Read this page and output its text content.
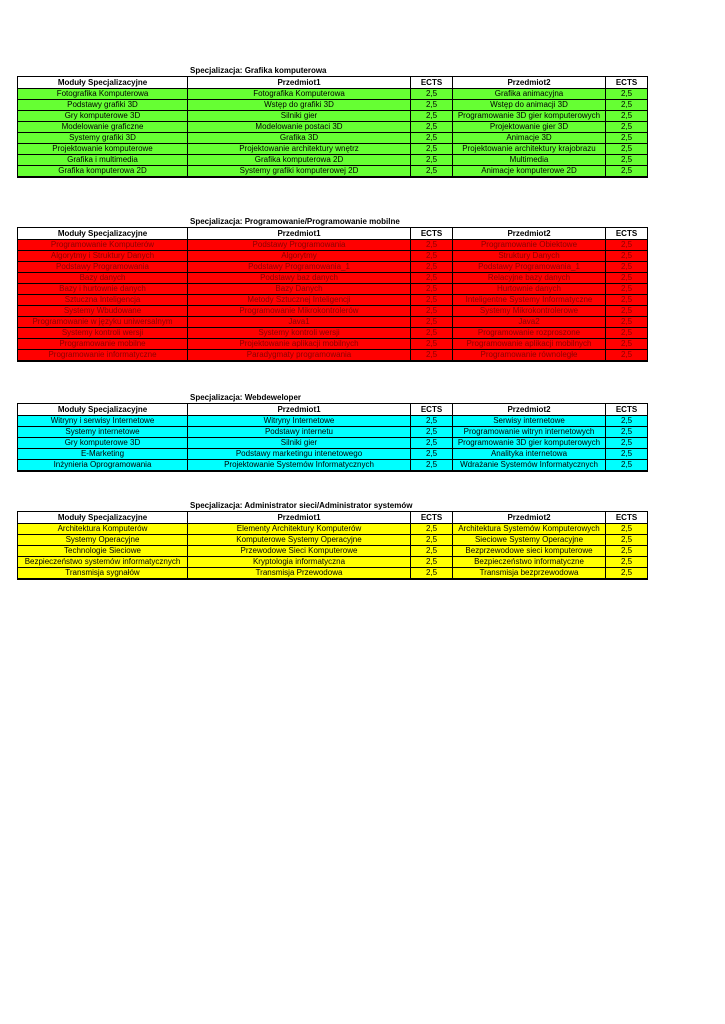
Specjalizacja: Grafika komputerowa
Moduły Specjalizacyjne	Przedmiot1	ECTS	Przedmiot2	ECTS
Fotografika Komputerowa	Fotografika Komputerowa	2,5	Grafika animacyjna	2,5
Podstawy grafiki 3D	Wstęp do grafiki 3D	2,5	Wstęp do animacji 3D	2,5
Gry komputerowe 3D	Silniki gier	2,5	Programowanie 3D gier komputerowych	2,5
Modelowanie graficzne	Modelowanie postaci 3D	2,5	Projektowanie gier 3D	2,5
Systemy grafiki 3D	Grafika 3D	2,5	Animacje 3D	2,5
Projektowanie komputerowe	Projektowanie architektury wnętrz	2,5	Projektowanie architektury krajobrazu	2,5
Grafika i multimedia	Grafika komputerowa 2D	2,5	Multimedia	2,5
Grafika komputerowa 2D	Systemy grafiki komputerowej 2D	2,5	Animacje komputerowe 2D	2,5
Specjalizacja: Programowanie/Programowanie mobilne
Moduły Specjalizacyjne	Przedmiot1	ECTS	Przedmiot2	ECTS
Programowanie Komputerów	Podstawy Programowania	2,5	Programowanie Obiektowe	2,5
Algorytmy i Struktury Danych	Algorytmy	2,5	Struktury Danych	2,5
Podstawy Programowania	Podstawy Programowania_1	2,5	Podstawy Programowania_1	2,5
Bazy danych	Podstawy baz danych	2,5	Relacyjne bazy danych	2,5
Bazy i hurtownie danych	Bazy Danych	2,5	Hurtownie danych	2,5
Sztuczna Inteligencja	Metody Sztucznej Inteligencji	2,5	Inteligentne Systemy Informatyczne	2,5
Systemy Wbudowane	Programowanie Mikrokontrolerów	2,5	Systemy Mikrokontrolerowe	2,5
Programowanie w języku uniwersalnym	Java1	2,5	Java2	2,5
Systemy kontroli wersji	Systemy kontroli wersji	2,5	Programowanie rozproszone	2,5
Programowanie mobilne	Projektowanie aplikacji mobilnych	2,5	Programowanie aplikacji mobilnych	2,5
Programowanie informatyczne	Paradygmaty programowania	2,5	Programowanie równoległe	2,5
Specjalizacja: Webdeweloper
Moduły Specjalizacyjne	Przedmiot1	ECTS	Przedmiot2	ECTS
Witryny i serwisy Internetowe	Witryny Internetowe	2,5	Serwisy internetowe	2,5
Systemy internetowe	Podstawy internetu	2,5	Programowanie witryn internetowych	2,5
Gry komputerowe 3D	Silniki gier	2,5	Programowanie 3D gier komputerowych	2,5
E-Marketing	Podstawy marketingu intenetowego	2,5	Analityka internetowa	2,5
Inżynieria Oprogramowania	Projektowanie Systemów Informatycznych	2,5	Wdrażanie Systemów Informatycznych	2,5
Specjalizacja: Administrator sieci/Administrator systemów
Moduły Specjalizacyjne	Przedmiot1	ECTS	Przedmiot2	ECTS
Architektura Komputerów	Elementy Architektury Komputerów	2,5	Architektura Systemów Komputerowych	2,5
Systemy Operacyjne	Komputerowe Systemy Operacyjne	2,5	Sieciowe Systemy Operacyjne	2,5
Technologie Sieciowe	Przewodowe Sieci Komputerowe	2,5	Bezprzewodowe sieci komputerowe	2,5
Bezpieczeństwo systemów informatycznych	Kryptologia informatyczna	2,5	Bezpieczeństwo informatyczne	2,5
Transmisja sygnałów	Transmisja Przewodowa	2,5	Transmisja bezprzewodowa	2,5
